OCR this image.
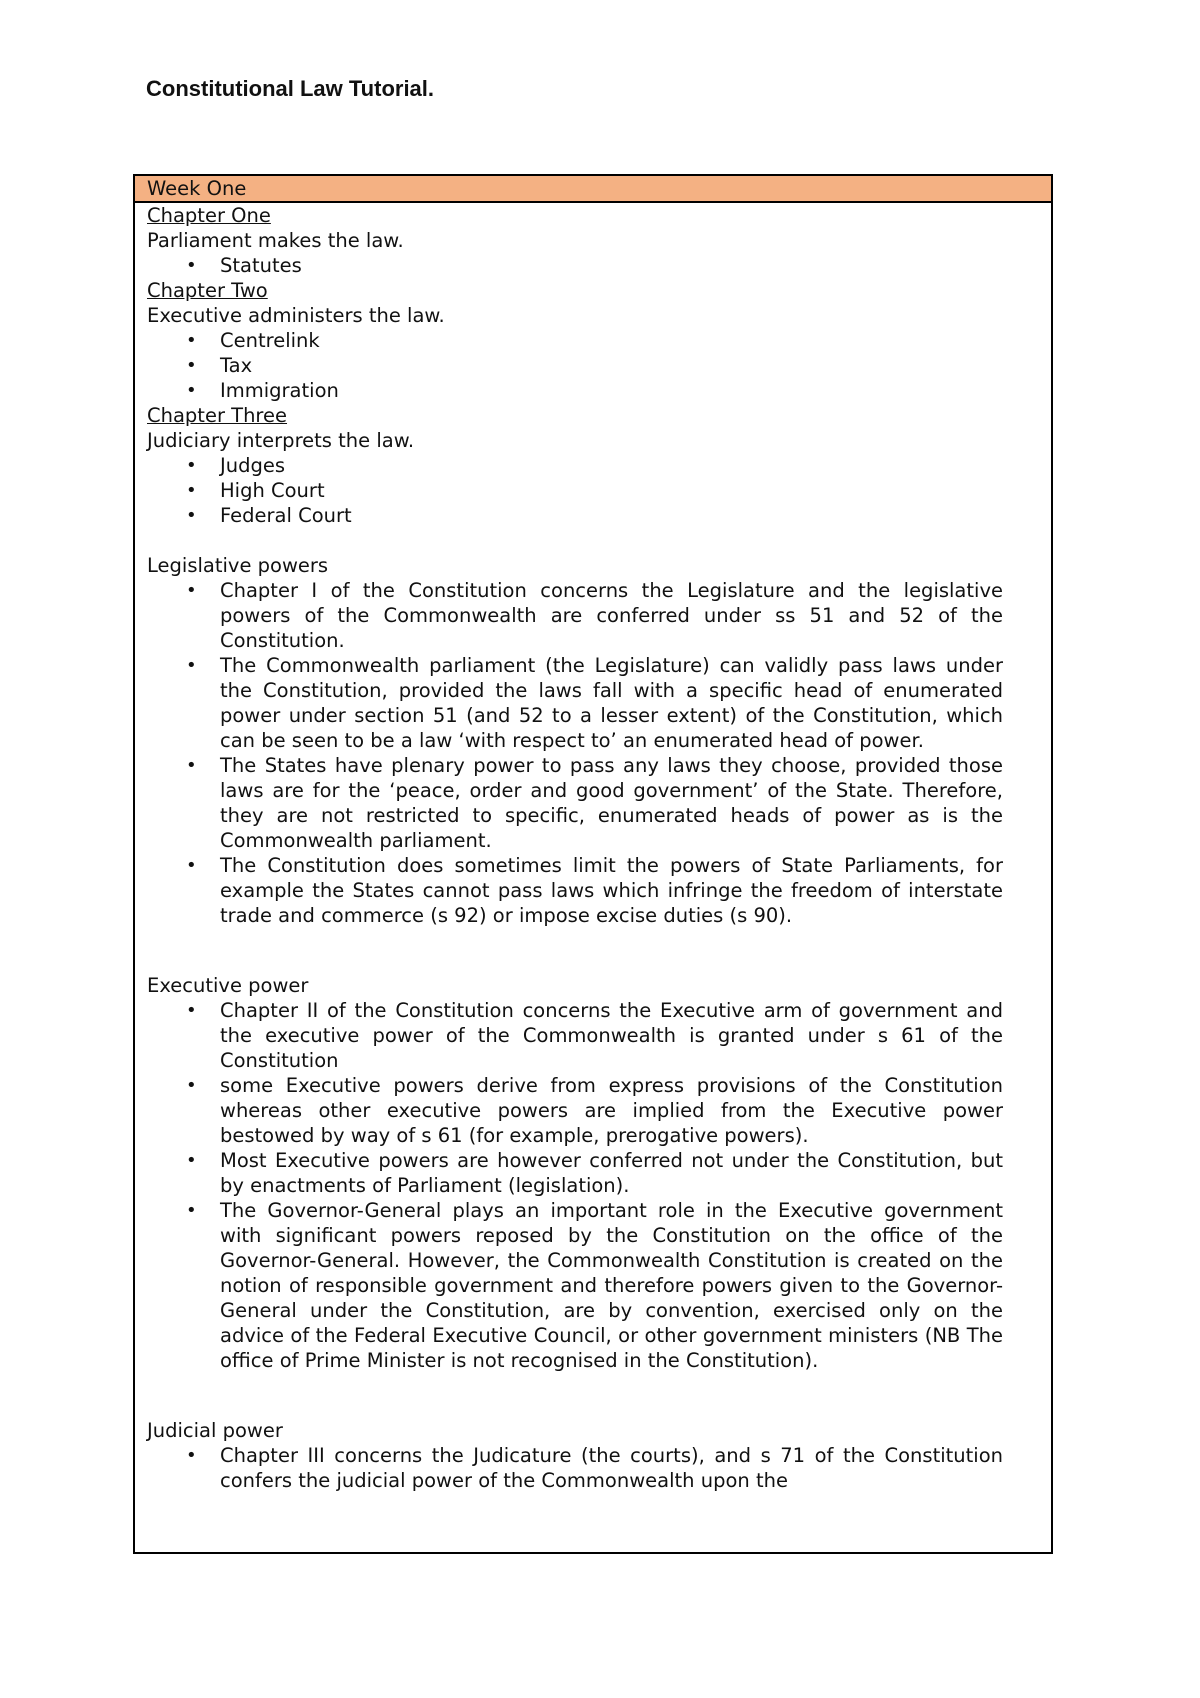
Constitutional Law Tutorial.
Week One
Chapter One
Parliament makes the law.
• Statutes
Chapter Two
Executive administers the law.
• Centrelink
• Tax
• Immigration
Chapter Three
Judiciary interprets the law.
• Judges
• High Court
• Federal Court
Legislative powers
• Chapter I of the Constitution concerns the Legislature and the legislative powers of the Commonwealth are conferred under ss 51 and 52 of the Constitution.
• The Commonwealth parliament (the Legislature) can validly pass laws under the Constitution, provided the laws fall with a specific head of enumerated power under section 51 (and 52 to a lesser extent) of the Constitution, which can be seen to be a law ‘with respect to’ an enumerated head of power.
• The States have plenary power to pass any laws they choose, provided those laws are for the ‘peace, order and good government’ of the State. Therefore, they are not restricted to specific, enumerated heads of power as is the Commonwealth parliament.
• The Constitution does sometimes limit the powers of State Parliaments, for example the States cannot pass laws which infringe the freedom of interstate trade and commerce (s 92) or impose excise duties (s 90).
Executive power
• Chapter II of the Constitution concerns the Executive arm of government and the executive power of the Commonwealth is granted under s 61 of the Constitution
• some Executive powers derive from express provisions of the Constitution whereas other executive powers are implied from the Executive power bestowed by way of s 61 (for example, prerogative powers).
• Most Executive powers are however conferred not under the Constitution, but by enactments of Parliament (legislation).
• The Governor-General plays an important role in the Executive government with significant powers reposed by the Constitution on the office of the Governor-General. However, the Commonwealth Constitution is created on the notion of responsible government and therefore powers given to the Governor-General under the Constitution, are by convention, exercised only on the advice of the Federal Executive Council, or other government ministers (NB The office of Prime Minister is not recognised in the Constitution).
Judicial power
• Chapter III concerns the Judicature (the courts), and s 71 of the Constitution confers the judicial power of the Commonwealth upon the
